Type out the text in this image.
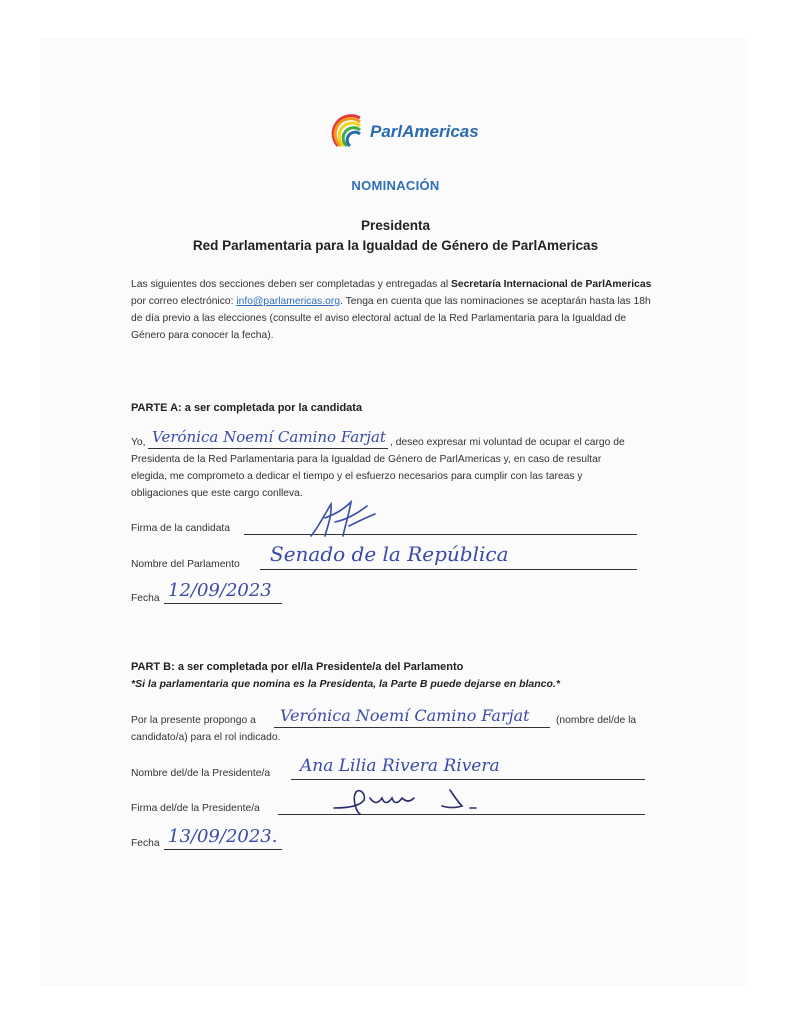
ParlAmericas
NOMINACIÓN
Presidenta
Red Parlamentaria para la Igualdad de Género de ParlAmericas
Las siguientes dos secciones deben ser completadas y entregadas al Secretaría Internacional de ParlAmericas por correo electrónico: info@parlamericas.org. Tenga en cuenta que las nominaciones se aceptarán hasta las 18h de día previo a las elecciones (consulte el aviso electoral actual de la Red Parlamentaria para la Igualdad de Género para conocer la fecha).
PARTE A: a ser completada por la candidata
Yo, Verónica Noemí Camino Farjat , deseo expresar mi voluntad de ocupar el cargo de
Presidenta de la Red Parlamentaria para la Igualdad de Género de ParlAmericas y, en caso de resultar
elegida, me comprometo a dedicar el tiempo y el esfuerzo necesarios para cumplir con las tareas y
obligaciones que este cargo conlleva.
Firma de la candidata
Nombre del Parlamento Senado de la República
Fecha 12/09/2023
PART B: a ser completada por el/la Presidente/a del Parlamento
*Si la parlamentaria que nomina es la Presidenta, la Parte B puede dejarse en blanco.*
Por la presente propongo a Verónica Noemí Camino Farjat	(nombre del/de la
candidato/a) para el rol indicado.
Nombre del/de la Presidente/a Ana Lilia Rivera Rivera
Firma del/de la Presidente/a
Fecha 13/09/2023.
